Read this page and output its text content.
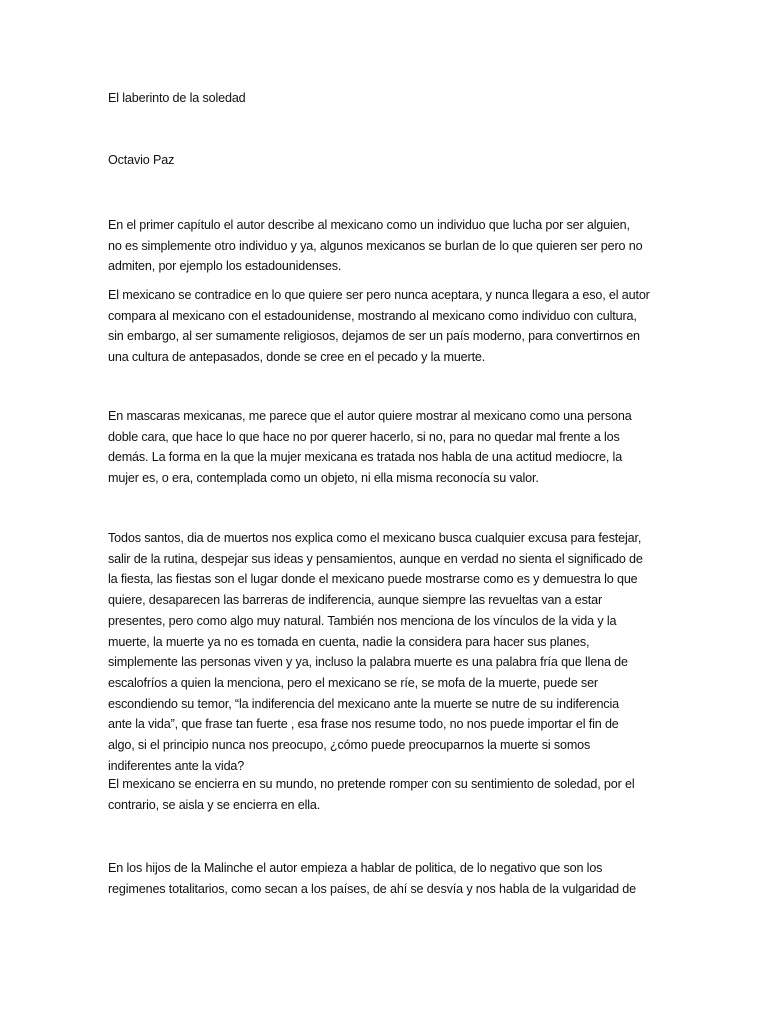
El laberinto de la soledad
Octavio Paz
En el primer capítulo el autor describe al mexicano como un individuo que lucha por ser alguien,
no es simplemente otro individuo y ya, algunos mexicanos se burlan de lo que quieren ser pero no
admiten, por ejemplo los estadounidenses.
El mexicano se contradice en lo que quiere ser pero nunca aceptara, y nunca llegara a eso, el autor
compara al mexicano con el estadounidense, mostrando al mexicano como individuo con cultura,
sin embargo, al ser sumamente religiosos, dejamos de ser un país moderno, para convertirnos en
una cultura de antepasados, donde se cree en el pecado y la muerte.
En mascaras mexicanas, me parece que el autor quiere mostrar al mexicano como una persona
doble cara, que hace lo que hace no por querer hacerlo, si no, para no quedar mal frente a los
demás. La forma en la que la mujer mexicana es tratada nos habla de una actitud mediocre, la
mujer es, o era, contemplada como un objeto, ni ella misma reconocía su valor.
Todos santos, dia de muertos nos explica como el mexicano busca cualquier excusa para festejar,
salir de la rutina, despejar sus ideas y pensamientos, aunque en verdad no sienta el significado de
la fiesta, las fiestas son el lugar donde el mexicano puede mostrarse como es y demuestra lo que
quiere, desaparecen las barreras de indiferencia, aunque siempre las revueltas van a estar
presentes, pero como algo muy natural. También nos menciona de los vínculos de la vida y la
muerte, la muerte ya no es tomada en cuenta, nadie la considera para hacer sus planes,
simplemente las personas viven y ya, incluso la palabra muerte es una palabra fría que llena de
escalofríos a quien la menciona, pero el mexicano se ríe, se mofa de la muerte, puede ser
escondiendo su temor, “la indiferencia del mexicano ante la muerte se nutre de su indiferencia
ante la vida”, que frase tan fuerte , esa frase nos resume todo, no nos puede importar el fin de
algo, si el principio nunca nos preocupo, ¿cómo puede preocuparnos la muerte si somos
indiferentes ante la vida?
El mexicano se encierra en su mundo, no pretende romper con su sentimiento de soledad, por el
contrario, se aisla y se encierra en ella.
En los hijos de la Malinche el autor empieza a hablar de politica, de lo negativo que son los
regimenes totalitarios, como secan a los países, de ahí se desvía y nos habla de la vulgaridad de
